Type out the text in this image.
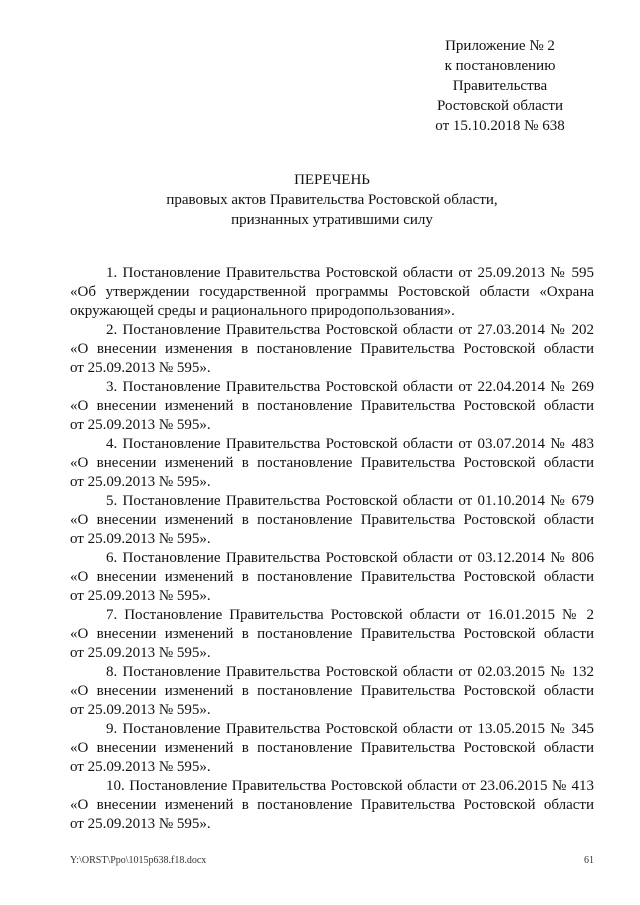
Приложение № 2
к постановлению
Правительства
Ростовской области
от 15.10.2018 № 638
ПЕРЕЧЕНЬ
правовых актов Правительства Ростовской области,
признанных утратившими силу
1. Постановление Правительства Ростовской области от 25.09.2013 № 595
«Об утверждении государственной программы Ростовской области «Охрана
окружающей среды и рационального природопользования».
2. Постановление Правительства Ростовской области от 27.03.2014 № 202
«О внесении изменения в постановление Правительства Ростовской области
от 25.09.2013 № 595».
3. Постановление Правительства Ростовской области от 22.04.2014 № 269
«О внесении изменений в постановление Правительства Ростовской области
от 25.09.2013 № 595».
4. Постановление Правительства Ростовской области от 03.07.2014 № 483
«О внесении изменений в постановление Правительства Ростовской области
от 25.09.2013 № 595».
5. Постановление Правительства Ростовской области от 01.10.2014 № 679
«О внесении изменений в постановление Правительства Ростовской области
от 25.09.2013 № 595».
6. Постановление Правительства Ростовской области от 03.12.2014 № 806
«О внесении изменений в постановление Правительства Ростовской области
от 25.09.2013 № 595».
7. Постановление Правительства Ростовской области от 16.01.2015 № 2
«О внесении изменений в постановление Правительства Ростовской области
от 25.09.2013 № 595».
8. Постановление Правительства Ростовской области от 02.03.2015 № 132
«О внесении изменений в постановление Правительства Ростовской области
от 25.09.2013 № 595».
9. Постановление Правительства Ростовской области от 13.05.2015 № 345
«О внесении изменений в постановление Правительства Ростовской области
от 25.09.2013 № 595».
10. Постановление Правительства Ростовской области от 23.06.2015 № 413
«О внесении изменений в постановление Правительства Ростовской области
от 25.09.2013 № 595».
Y:\ORST\Ppo\1015p638.f18.docx	61
